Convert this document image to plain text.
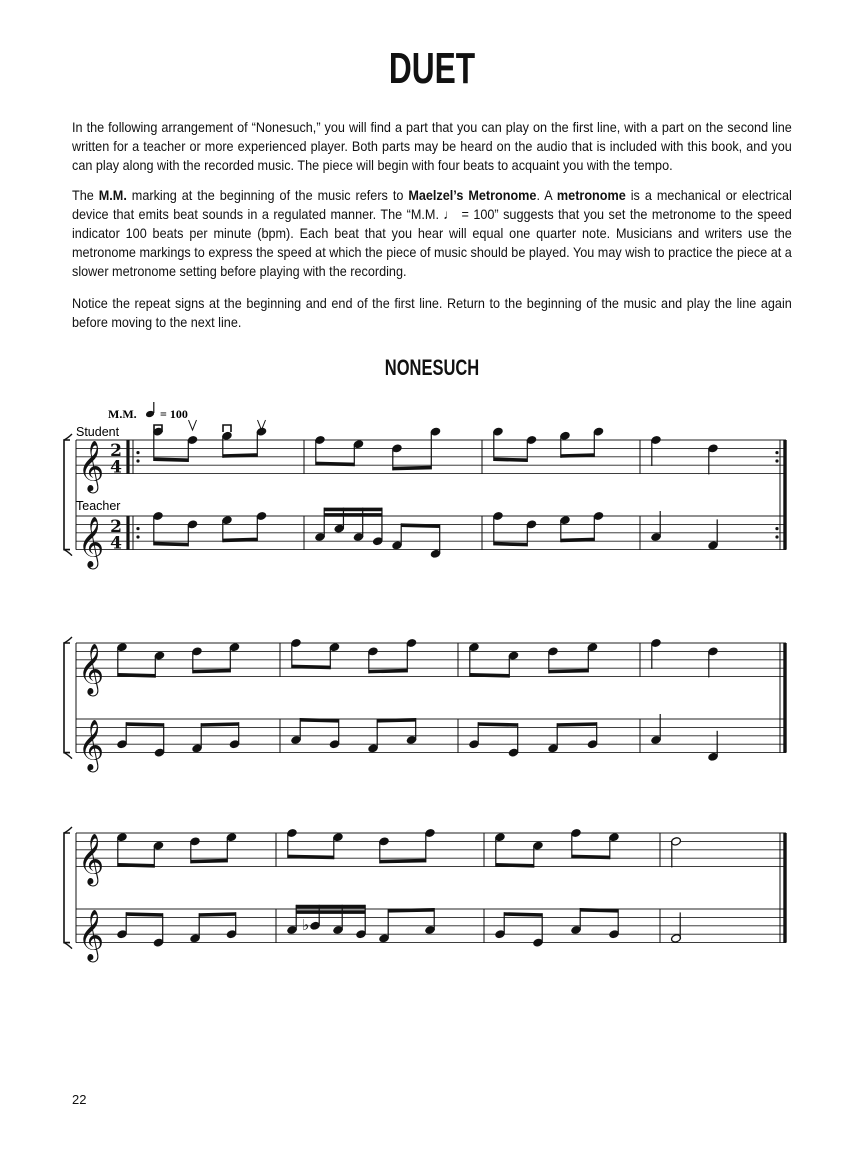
DUET
In the following arrangement of “Nonesuch,” you will find a part that you can play on the first line, with a part on the second line written for a teacher or more experienced player. Both parts may be heard on the audio that is included with this book, and you can play along with the recorded music. The piece will begin with four beats to acquaint you with the tempo.
The M.M. marking at the beginning of the music refers to Maelzel’s Metronome. A metronome is a mechanical or electrical device that emits beat sounds in a regulated manner. The “M.M. ♩ = 100” suggests that you set the metronome to the speed indicator 100 beats per minute (bpm). Each beat that you hear will equal one quarter note. Musicians and writers use the metronome markings to express the speed at which the piece of music should be played. You may wish to practice the piece at a slower metronome setting before playing with the recording.
Notice the repeat signs at the beginning and end of the first line. Return to the beginning of the music and play the line again before moving to the next line.
NONESUCH
M.M. = 100
Student
Teacher
𝄞 2
4
𝄞 2
4
𝄞
𝄞
𝄞
𝄞	♭
22
